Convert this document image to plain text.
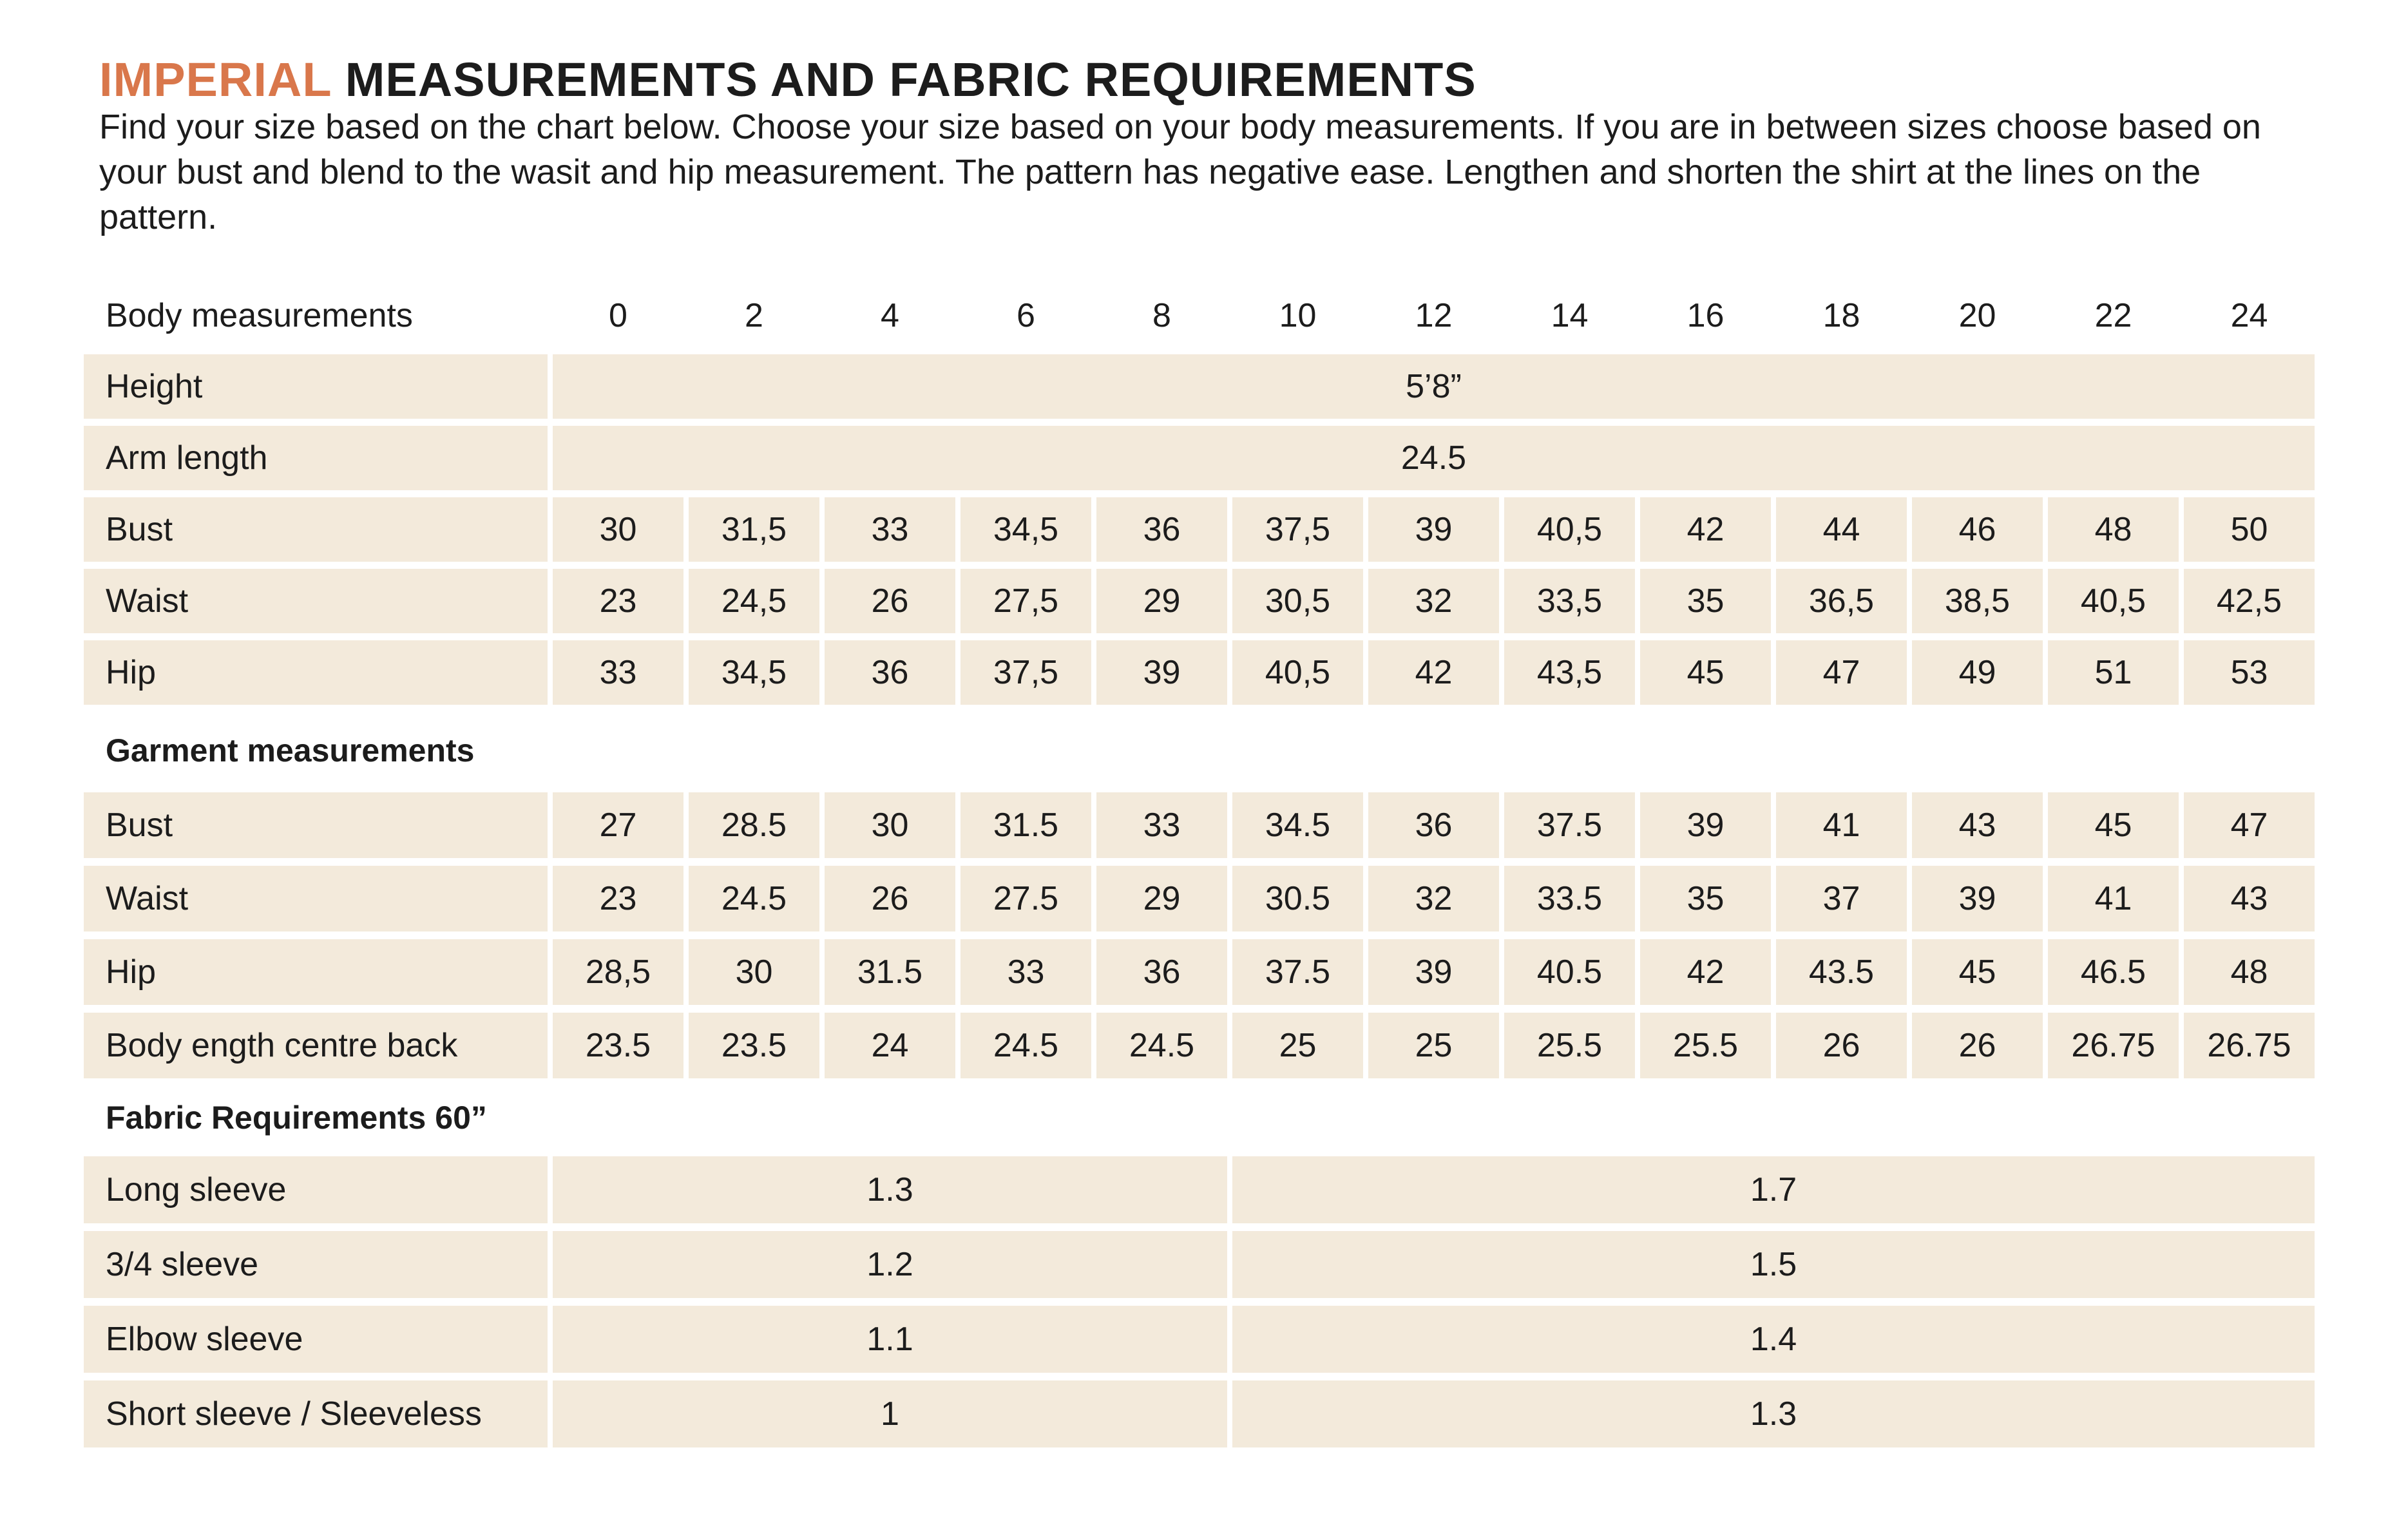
IMPERIAL MEASUREMENTS AND FABRIC REQUIREMENTS

Find your size based on the chart below. Choose your size based on your body measurements. If you are in between sizes choose based on your bust and blend to the wasit and hip measurement. The pattern has negative ease. Lengthen and shorten the shirt at the lines on the pattern.

Body measurements	0	2	4	6	8	10	12	14	16	18	20	22	24
Height	5’8”
Arm length	24.5
Bust	30	31,5	33	34,5	36	37,5	39	40,5	42	44	46	48	50
Waist	23	24,5	26	27,5	29	30,5	32	33,5	35	36,5	38,5	40,5	42,5
Hip	33	34,5	36	37,5	39	40,5	42	43,5	45	47	49	51	53
Garment measurements
Bust	27	28.5	30	31.5	33	34.5	36	37.5	39	41	43	45	47
Waist	23	24.5	26	27.5	29	30.5	32	33.5	35	37	39	41	43
Hip	28,5	30	31.5	33	36	37.5	39	40.5	42	43.5	45	46.5	48
Body ength centre back	23.5	23.5	24	24.5	24.5	25	25	25.5	25.5	26	26	26.75	26.75
Fabric Requirements 60”
Long sleeve	1.3	1.7
3/4 sleeve	1.2	1.5
Elbow sleeve	1.1	1.4
Short sleeve / Sleeveless	1	1.3
